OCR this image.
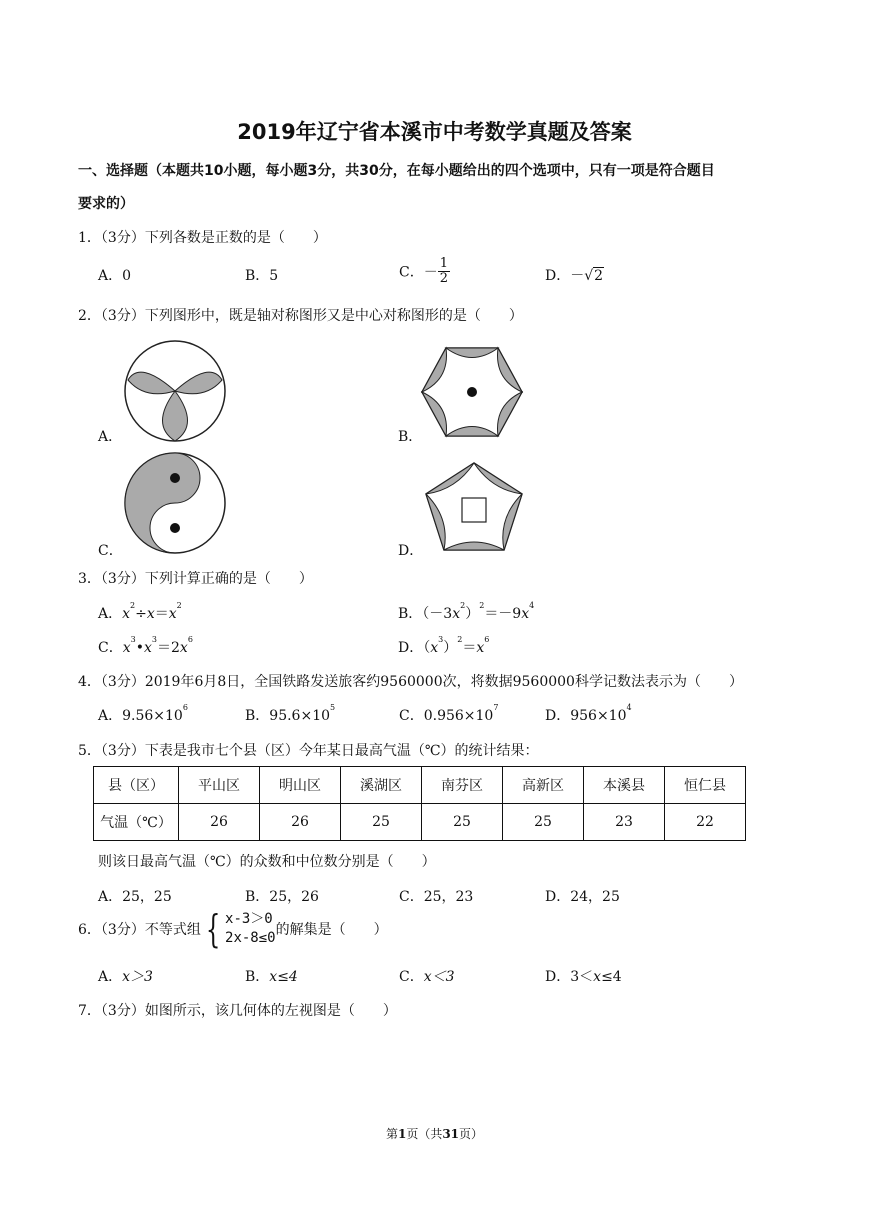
2019年辽宁省本溪市中考数学真题及答案
一、选择题（本题共10小题，每小题3分，共30分，在每小题给出的四个选项中，只有一项是符合题目
要求的）
1．（3分）下列各数是正数的是（　　）
A．0	B．5	C．－ $\frac{1}{2}$	D．－√2
2．（3分）下列图形中，既是轴对称图形又是中心对称图形的是（　　）
A．	B．
C．	D．
3．（3分）下列计算正确的是（　　）
A．$x^2\div x=x^2$
B．$(-3x^2)^2=-9x^4$
C．$x^3•x^3=2x^6$
D．$(x^3)^2=x^6$
4．（3分）2019年6月8日，全国铁路发送旅客约9560000次，将数据9560000科学记数法表示为（　　）
A．$9.56\times 10^6$
B．$95.6\times 10^5$
C．$0.956\times 10^7$
D．$956\times 10^4$
5．（3分）下表是我市七个县（区）今年某日最高气温（℃）的统计结果：
县（区）	平山区	明山区	溪湖区	南芬区	高新区	本溪县	恒仁县
气温（℃）	26	26	25	25	25	23	22
则该日最高气温（℃）的众数和中位数分别是（　　）
A．25，25	B．25，26	C．25，23	D．24，25
6．（3分）不等式组 { x-3＞0
2x-8≤0 的解集是（　　）
A．x＞3	B．x≤4	C．x＜3	D．3＜x≤4
7．（3分）如图所示，该几何体的左视图是（　　）
第1页（共31页）
